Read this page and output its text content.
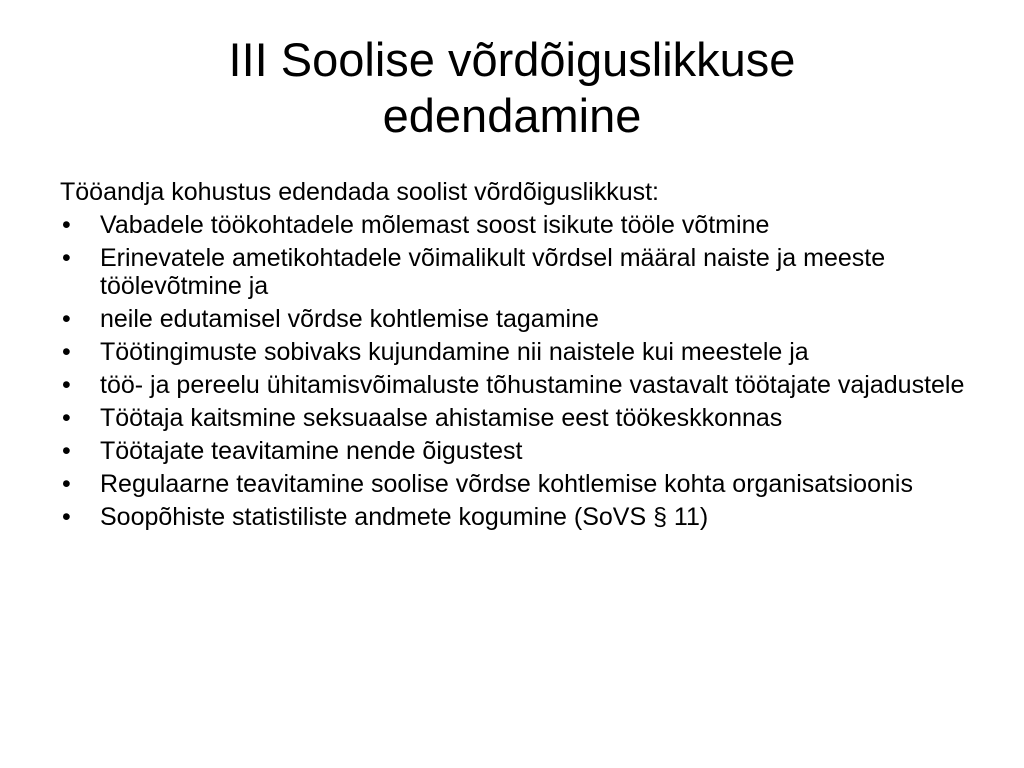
III Soolise võrdõiguslikkuse
edendamine

Tööandja kohustus edendada soolist võrdõiguslikkust:

•	Vabadele töökohtadele mõlemast soost isikute tööle võtmine
•	Erinevatele ametikohtadele võimalikult võrdsel määral naiste ja meeste töölevõtmine ja
•	neile edutamisel võrdse kohtlemise tagamine
•	Töötingimuste sobivaks kujundamine nii naistele kui meestele ja
•	töö- ja pereelu ühitamisvõimaluste tõhustamine vastavalt töötajate vajadustele
•	Töötaja kaitsmine seksuaalse ahistamise eest töökeskkonnas
•	Töötajate teavitamine nende õigustest
•	Regulaarne teavitamine soolise võrdse kohtlemise kohta organisatsioonis
•	Soopõhiste statistiliste andmete kogumine (SoVS § 11)
